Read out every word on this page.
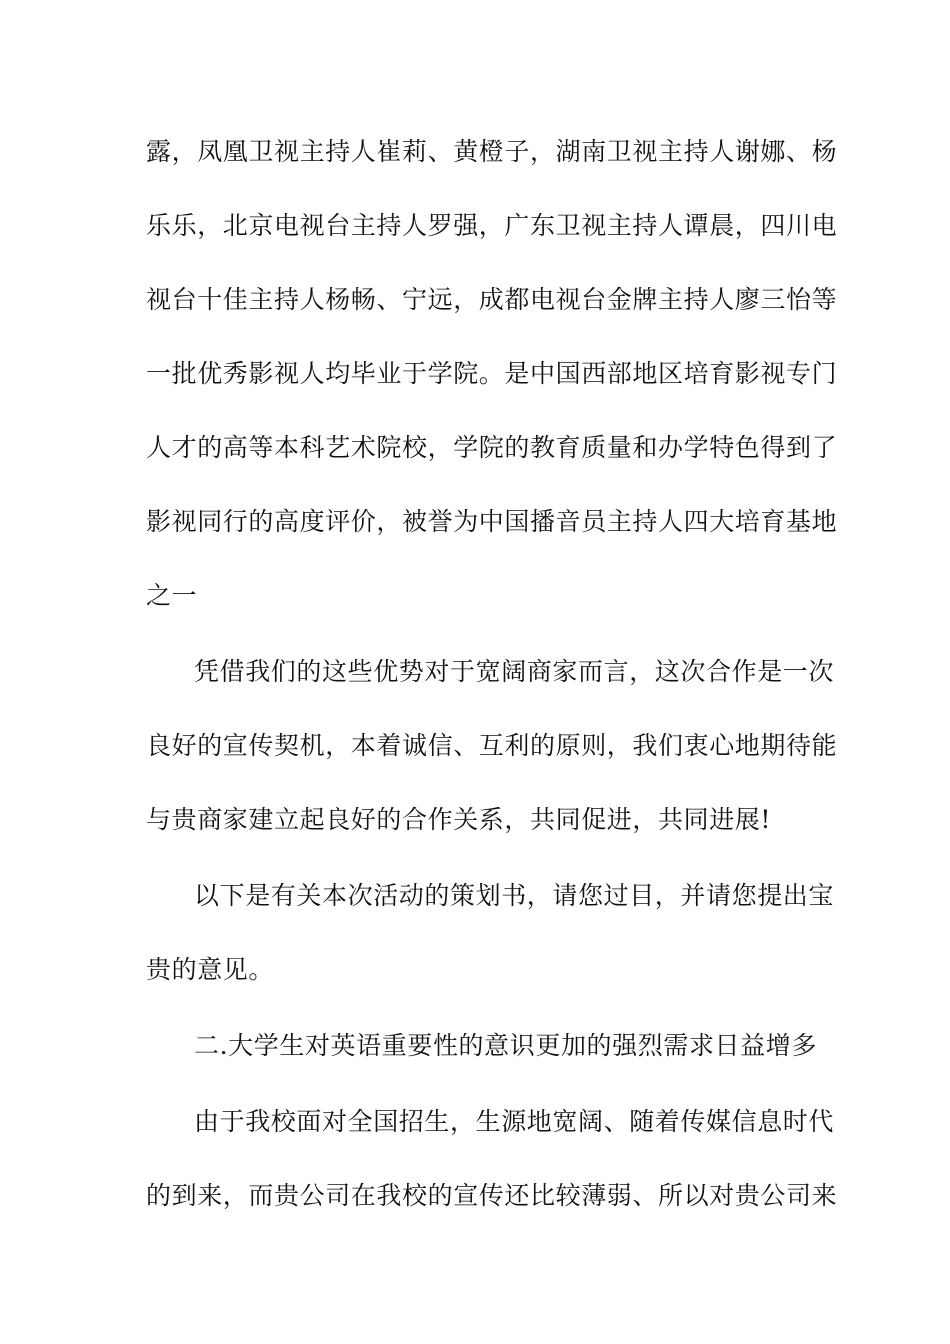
露，凤凰卫视主持人崔莉、黄橙子，湖南卫视主持人谢娜、杨
乐乐，北京电视台主持人罗强，广东卫视主持人谭晨，四川电
视台十佳主持人杨畅、宁远，成都电视台金牌主持人廖三怡等
一批优秀影视人均毕业于学院。是中国西部地区培育影视专门
人才的高等本科艺术院校，学院的教育质量和办学特色得到了
影视同行的高度评价，被誉为中国播音员主持人四大培育基地
之一
凭借我们的这些优势对于宽阔商家而言，这次合作是一次
良好的宣传契机，本着诚信、互利的原则，我们衷心地期待能
与贵商家建立起良好的合作关系，共同促进，共同进展!
以下是有关本次活动的策划书，请您过目，并请您提出宝
贵的意见。
二.大学生对英语重要性的意识更加的强烈需求日益增多
由于我校面对全国招生，生源地宽阔、随着传媒信息时代
的到来，而贵公司在我校的宣传还比较薄弱、所以对贵公司来
